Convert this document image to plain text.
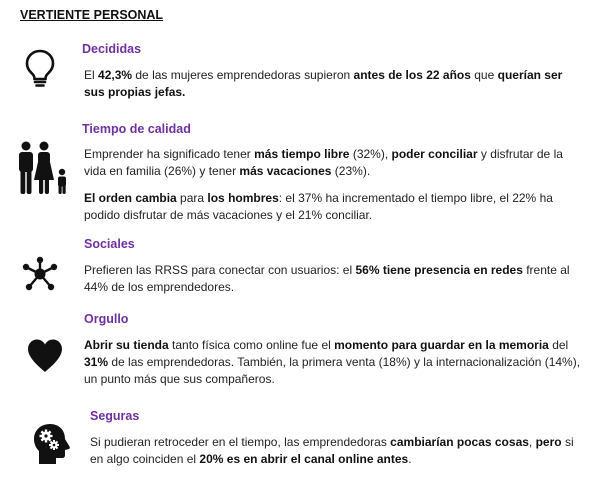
VERTIENTE PERSONAL
Decididas

El 42,3% de las mujeres emprendedoras supieron antes de los 22 años que querían ser sus propias jefas.

Tiempo de calidad

Emprender ha significado tener más tiempo libre (32%), poder conciliar y disfrutar de la vida en familia (26%) y tener más vacaciones (23%).

El orden cambia para los hombres: el 37% ha incrementado el tiempo libre, el 22% ha podido disfrutar de más vacaciones y el 21% conciliar.

Sociales

Prefieren las RRSS para conectar con usuarios: el 56% tiene presencia en redes frente al 44% de los emprendedores.

Orgullo

Abrir su tienda tanto física como online fue el momento para guardar en la memoria del 31% de las emprendedoras. También, la primera venta (18%) y la internacionalización (14%), un punto más que sus compañeros.

Seguras

Si pudieran retroceder en el tiempo, las emprendedoras cambiarían pocas cosas, pero si en algo coinciden el 20% es en abrir el canal online antes.
